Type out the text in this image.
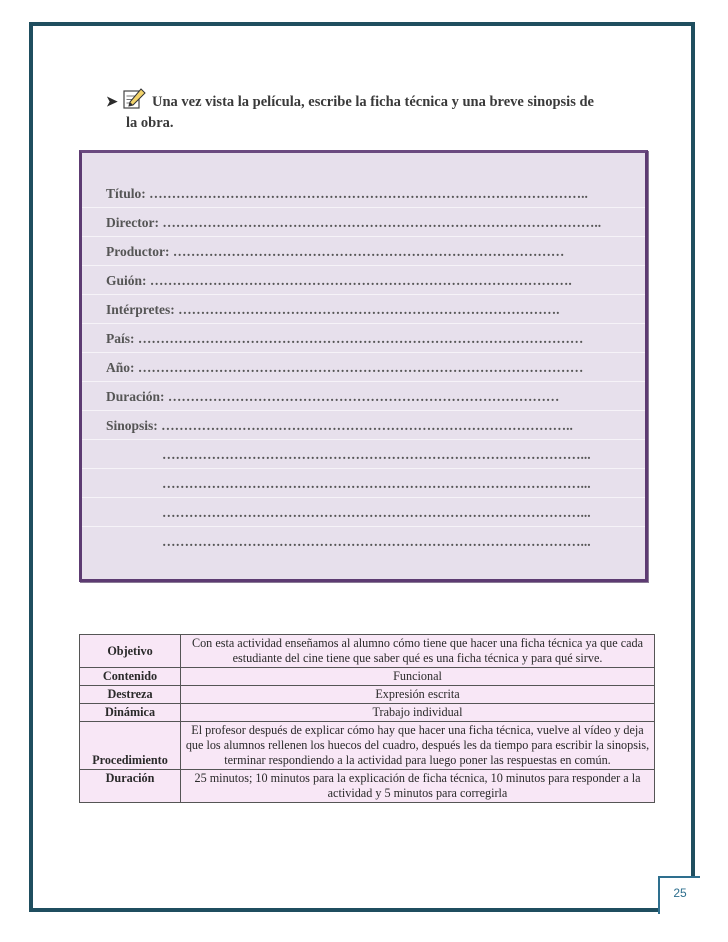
➤ Una vez vista la película, escribe la ficha técnica y una breve sinopsis de
la obra.
Título: ……………………………………………………………………………………..
Director: ……………………………………………………………………………………..
Productor: ……………………………………………………………………………
Guión: ………………………………………………………………………………….
Intérpretes: ………………………………………………………………………….
País: ………………………………………………………………………………………
Año: ………………………………………………………………………………………
Duración: ……………………………………………………………………………
Sinopsis: ………………………………………………………………………………..
…………………………………………………………………………………...
…………………………………………………………………………………...
…………………………………………………………………………………...
…………………………………………………………………………………...
Objetivo	Con esta actividad enseñamos al alumno cómo tiene que hacer una ficha técnica ya que cada estudiante del cine tiene que saber qué es una ficha técnica y para qué sirve.
Contenido	Funcional
Destreza	Expresión escrita
Dinámica	Trabajo individual
Procedimiento	El profesor después de explicar cómo hay que hacer una ficha técnica, vuelve al vídeo y deja que los alumnos rellenen los huecos del cuadro, después les da tiempo para escribir la sinopsis, terminar respondiendo a la actividad para luego poner las respuestas en común.
Duración	25 minutos; 10 minutos para la explicación de ficha técnica, 10 minutos para responder a la actividad y 5 minutos para corregirla
25
